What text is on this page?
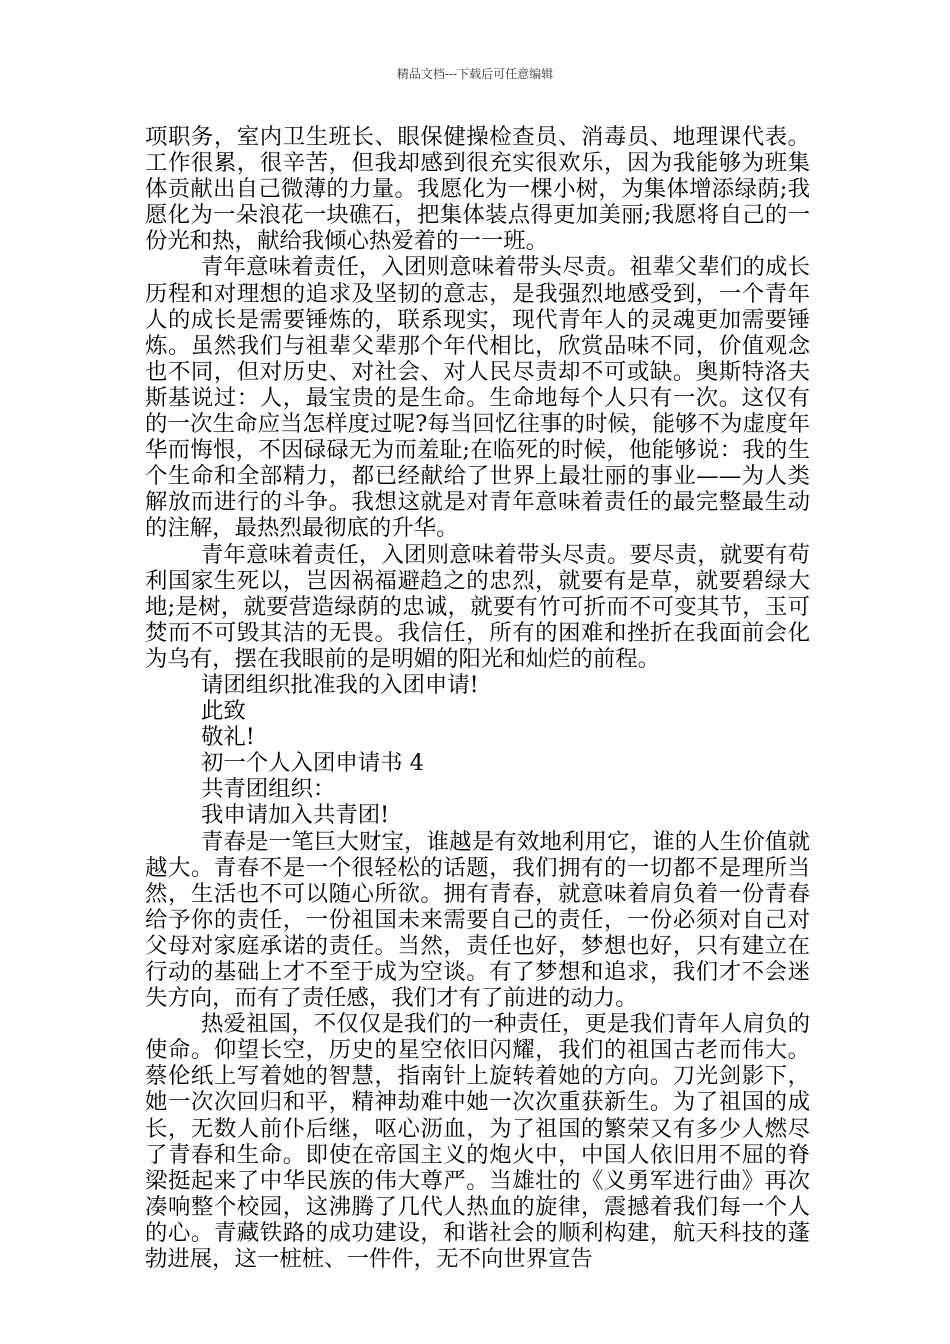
精品文档---下载后可任意编辑

项职务，室内卫生班长、眼保健操检查员、消毒员、地理课代表。工作很累，很辛苦，但我却感到很充实很欢乐，因为我能够为班集体贡献出自己微薄的力量。我愿化为一棵小树，为集体增添绿荫;我愿化为一朵浪花一块礁石，把集体装点得更加美丽;我愿将自己的一份光和热，献给我倾心热爱着的一一班。

青年意味着责任，入团则意味着带头尽责。祖辈父辈们的成长历程和对理想的追求及坚韧的意志，是我强烈地感受到，一个青年人的成长是需要锤炼的，联系现实，现代青年人的灵魂更加需要锤炼。虽然我们与祖辈父辈那个年代相比，欣赏品味不同，价值观念也不同，但对历史、对社会、对人民尽责却不可或缺。奥斯特洛夫斯基说过：人，最宝贵的是生命。生命地每个人只有一次。这仅有的一次生命应当怎样度过呢?每当回忆往事的时候，能够不为虚度年华而悔恨，不因碌碌无为而羞耻;在临死的时候，他能够说：我的生个生命和全部精力，都已经献给了世界上最壮丽的事业——为人类解放而进行的斗争。我想这就是对青年意味着责任的最完整最生动的注解，最热烈最彻底的升华。

青年意味着责任，入团则意味着带头尽责。要尽责，就要有苟利国家生死以，岂因祸福避趋之的忠烈，就要有是草，就要碧绿大地;是树，就要营造绿荫的忠诚，就要有竹可折而不可变其节，玉可焚而不可毁其洁的无畏。我信任，所有的困难和挫折在我面前会化为乌有，摆在我眼前的是明媚的阳光和灿烂的前程。

请团组织批准我的入团申请!

此致

敬礼!

初一个人入团申请书 4

共青团组织：

我申请加入共青团!

青春是一笔巨大财宝，谁越是有效地利用它，谁的人生价值就越大。青春不是一个很轻松的话题，我们拥有的一切都不是理所当然，生活也不可以随心所欲。拥有青春，就意味着肩负着一份青春给予你的责任，一份祖国未来需要自己的责任，一份必须对自己对父母对家庭承诺的责任。当然，责任也好，梦想也好，只有建立在行动的基础上才不至于成为空谈。有了梦想和追求，我们才不会迷失方向，而有了责任感，我们才有了前进的动力。

热爱祖国，不仅仅是我们的一种责任，更是我们青年人肩负的使命。仰望长空，历史的星空依旧闪耀，我们的祖国古老而伟大。蔡伦纸上写着她的智慧，指南针上旋转着她的方向。刀光剑影下，她一次次回归和平，精神劫难中她一次次重获新生。为了祖国的成长，无数人前仆后继，呕心沥血，为了祖国的繁荣又有多少人燃尽了青春和生命。即使在帝国主义的炮火中，中国人依旧用不屈的脊梁挺起来了中华民族的伟大尊严。当雄壮的《义勇军进行曲》再次凑响整个校园，这沸腾了几代人热血的旋律，震撼着我们每一个人的心。青藏铁路的成功建设，和谐社会的顺利构建，航天科技的蓬勃进展，这一桩桩、一件件，无不向世界宣告
